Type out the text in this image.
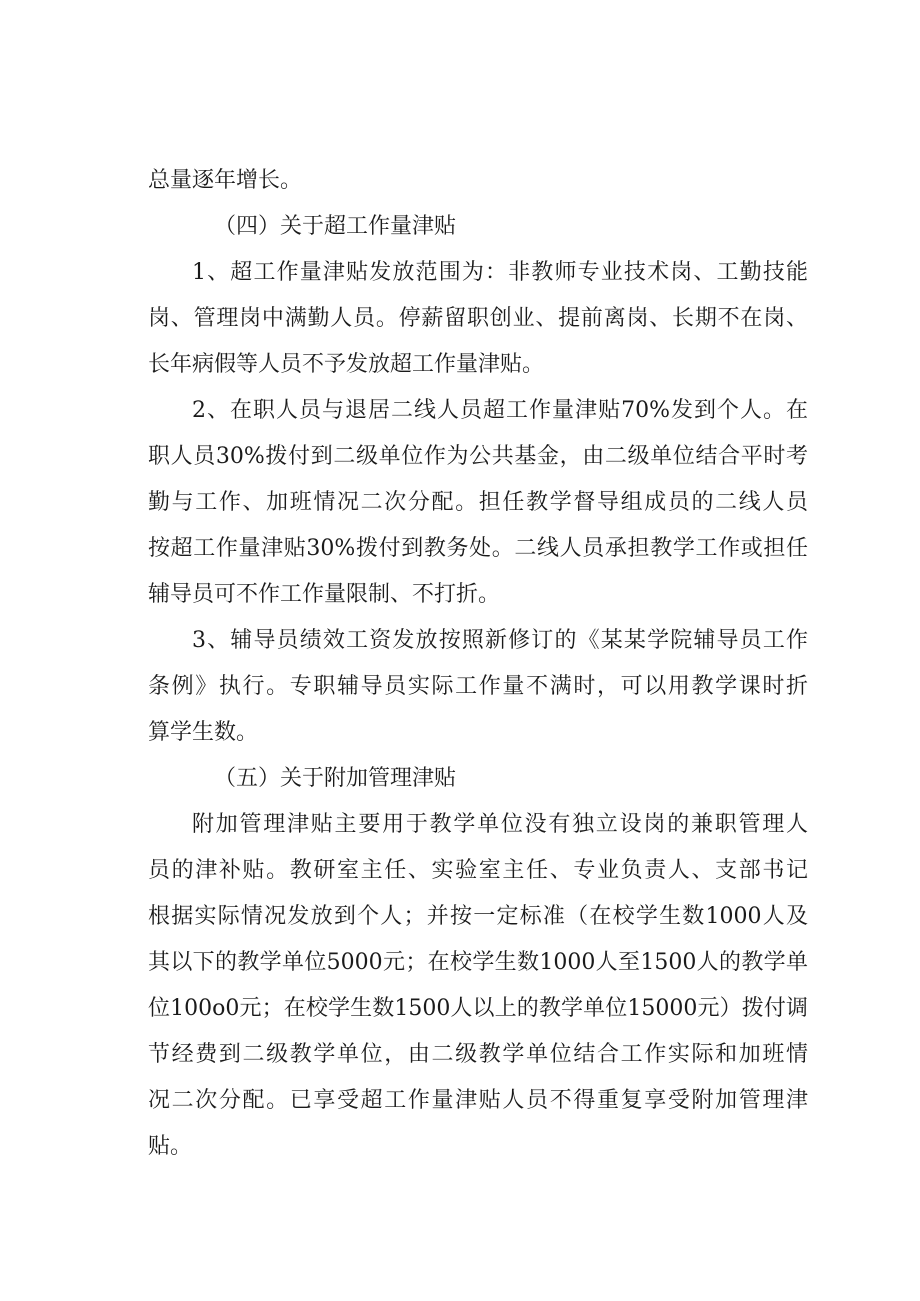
总量逐年增长。
（四）关于超工作量津贴
1、超工作量津贴发放范围为：非教师专业技术岗、工勤技能
岗、管理岗中满勤人员。停薪留职创业、提前离岗、长期不在岗、
长年病假等人员不予发放超工作量津贴。
2、在职人员与退居二线人员超工作量津贴70%发到个人。在
职人员30%拨付到二级单位作为公共基金，由二级单位结合平时考
勤与工作、加班情况二次分配。担任教学督导组成员的二线人员
按超工作量津贴30%拨付到教务处。二线人员承担教学工作或担任
辅导员可不作工作量限制、不打折。
3、辅导员绩效工资发放按照新修订的《某某学院辅导员工作
条例》执行。专职辅导员实际工作量不满时，可以用教学课时折
算学生数。
（五）关于附加管理津贴
附加管理津贴主要用于教学单位没有独立设岗的兼职管理人
员的津补贴。教研室主任、实验室主任、专业负责人、支部书记
根据实际情况发放到个人；并按一定标准（在校学生数1000人及
其以下的教学单位5000元；在校学生数1000人至1500人的教学单
位100o0元；在校学生数1500人以上的教学单位15000元）拨付调
节经费到二级教学单位，由二级教学单位结合工作实际和加班情
况二次分配。已享受超工作量津贴人员不得重复享受附加管理津
贴。
